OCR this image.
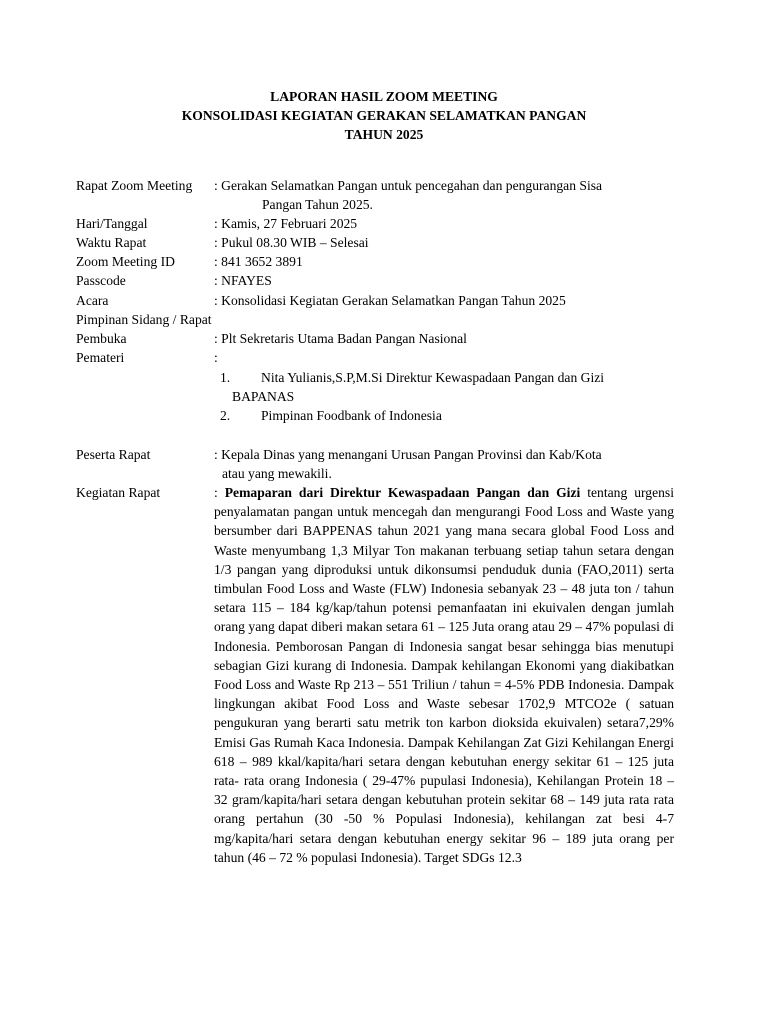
LAPORAN HASIL ZOOM MEETING
KONSOLIDASI KEGIATAN GERAKAN SELAMATKAN PANGAN
TAHUN 2025
Rapat Zoom Meeting : Gerakan Selamatkan Pangan untuk pencegahan dan pengurangan Sisa
Pangan Tahun 2025.
Hari/Tanggal	: Kamis, 27 Februari 2025
Waktu Rapat	: Pukul 08.30 WIB – Selesai
Zoom Meeting ID	: 841 3652 3891
Passcode	: NFAYES
Acara	: Konsolidasi Kegiatan Gerakan Selamatkan Pangan Tahun 2025
Pimpinan Sidang / Rapat
Pembuka	: Plt Sekretaris Utama Badan Pangan Nasional
Pemateri	:
1. Nita Yulianis,S.P,M.Si Direktur Kewaspadaan Pangan dan Gizi
BAPANAS
2. Pimpinan Foodbank of Indonesia
Peserta Rapat	: Kepala Dinas yang menangani Urusan Pangan Provinsi dan Kab/Kota
atau yang mewakili.
Kegiatan Rapat	: Pemaparan dari Direktur Kewaspadaan Pangan dan Gizi tentang urgensi penyalamatan pangan untuk mencegah dan mengurangi Food Loss and Waste yang bersumber dari BAPPENAS tahun 2021 yang mana secara global Food Loss and Waste menyumbang 1,3 Milyar Ton makanan terbuang setiap tahun setara dengan 1/3 pangan yang diproduksi untuk dikonsumsi penduduk dunia (FAO,2011) serta timbulan Food Loss and Waste (FLW) Indonesia sebanyak 23 – 48 juta ton / tahun setara 115 – 184 kg/kap/tahun potensi pemanfaatan ini ekuivalen dengan jumlah orang yang dapat diberi makan setara 61 – 125 Juta orang atau 29 – 47% populasi di Indonesia. Pemborosan Pangan di Indonesia sangat besar sehingga bias menutupi sebagian Gizi kurang di Indonesia. Dampak kehilangan Ekonomi yang diakibatkan Food Loss and Waste Rp 213 – 551 Triliun / tahun = 4-5% PDB Indonesia. Dampak lingkungan akibat Food Loss and Waste sebesar 1702,9 MTCO2e ( satuan pengukuran yang berarti satu metrik ton karbon dioksida ekuivalen) setara7,29% Emisi Gas Rumah Kaca Indonesia. Dampak Kehilangan Zat Gizi Kehilangan Energi 618 – 989 kkal/kapita/hari setara dengan kebutuhan energy sekitar 61 – 125 juta rata- rata orang Indonesia ( 29-47% pupulasi Indonesia), Kehilangan Protein 18 – 32 gram/kapita/hari setara dengan kebutuhan protein sekitar 68 – 149 juta rata rata orang pertahun (30 -50 % Populasi Indonesia), kehilangan zat besi 4-7 mg/kapita/hari setara dengan kebutuhan energy sekitar 96 – 189 juta orang per tahun (46 – 72 % populasi Indonesia). Target SDGs 12.3
